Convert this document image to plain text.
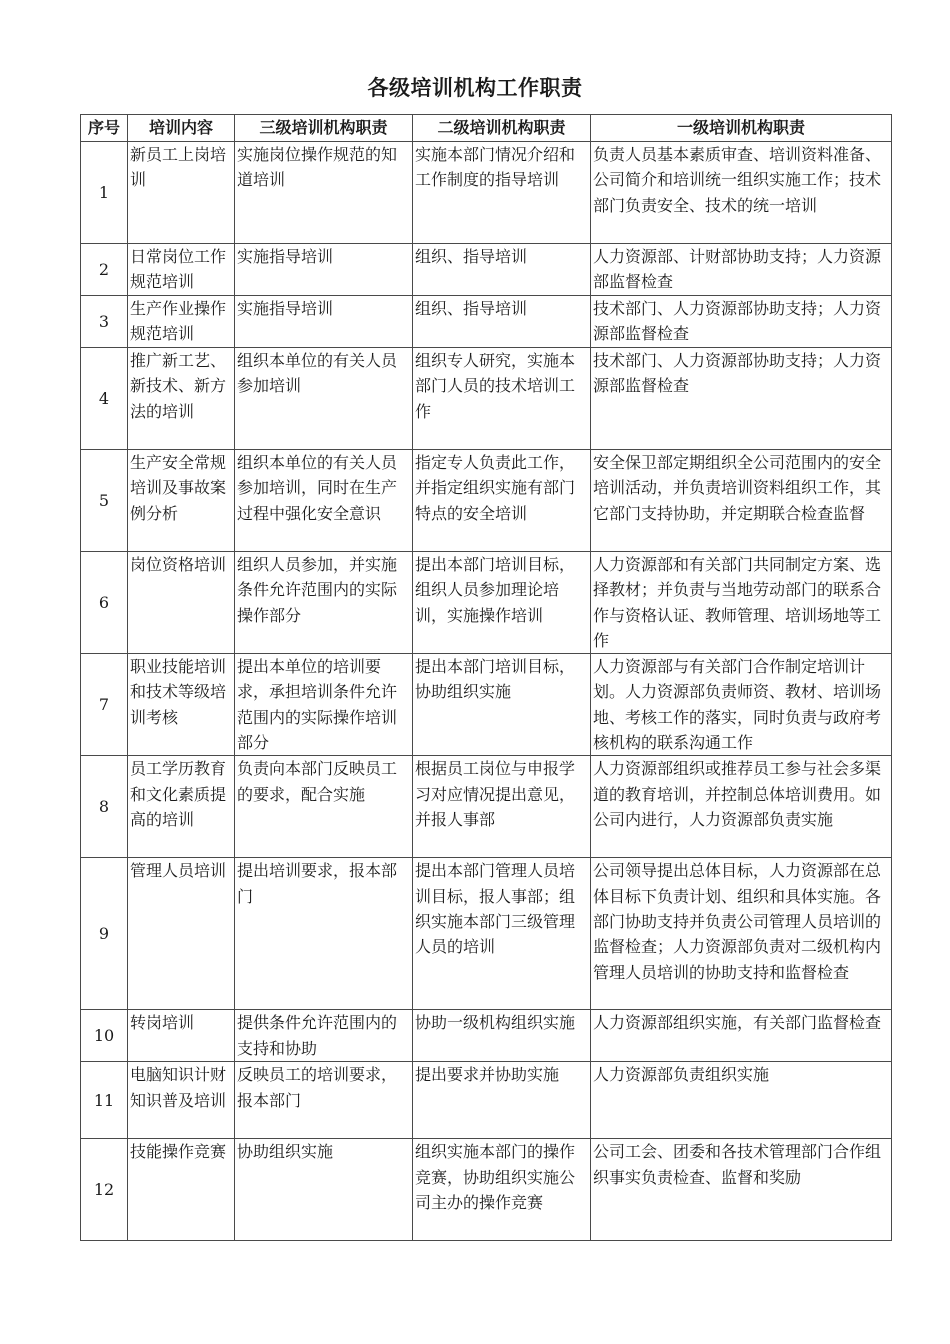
各级培训机构工作职责
序号	培训内容	三级培训机构职责	二级培训机构职责	一级培训机构职责
1	新员工上岗培训	实施岗位操作规范的知道培训	实施本部门情况介绍和工作制度的指导培训	负责人员基本素质审查、培训资料准备、公司简介和培训统一组织实施工作；技术部门负责安全、技术的统一培训
2	日常岗位工作规范培训	实施指导培训	组织、指导培训	人力资源部、计财部协助支持；人力资源部监督检查
3	生产作业操作规范培训	实施指导培训	组织、指导培训	技术部门、人力资源部协助支持；人力资源部监督检查
4	推广新工艺、新技术、新方法的培训	组织本单位的有关人员参加培训	组织专人研究，实施本部门人员的技术培训工作	技术部门、人力资源部协助支持；人力资源部监督检查
5	生产安全常规培训及事故案例分析	组织本单位的有关人员参加培训，同时在生产过程中强化安全意识	指定专人负责此工作，并指定组织实施有部门特点的安全培训	安全保卫部定期组织全公司范围内的安全培训活动，并负责培训资料组织工作，其它部门支持协助，并定期联合检查监督
6	岗位资格培训	组织人员参加，并实施条件允许范围内的实际操作部分	提出本部门培训目标，组织人员参加理论培训，实施操作培训	人力资源部和有关部门共同制定方案、选择教材；并负责与当地劳动部门的联系合作与资格认证、教师管理、培训场地等工作
7	职业技能培训和技术等级培训考核	提出本单位的培训要求，承担培训条件允许范围内的实际操作培训部分	提出本部门培训目标，协助组织实施	人力资源部与有关部门合作制定培训计划。人力资源部负责师资、教材、培训场地、考核工作的落实，同时负责与政府考核机构的联系沟通工作
8	员工学历教育和文化素质提高的培训	负责向本部门反映员工的要求，配合实施	根据员工岗位与申报学习对应情况提出意见，并报人事部	人力资源部组织或推荐员工参与社会多渠道的教育培训，并控制总体培训费用。如公司内进行，人力资源部负责实施
9	管理人员培训	提出培训要求，报本部门	提出本部门管理人员培训目标，报人事部；组织实施本部门三级管理人员的培训	公司领导提出总体目标，人力资源部在总体目标下负责计划、组织和具体实施。各部门协助支持并负责公司管理人员培训的监督检查；人力资源部负责对二级机构内管理人员培训的协助支持和监督检查
10	转岗培训	提供条件允许范围内的支持和协助	协助一级机构组织实施	人力资源部组织实施，有关部门监督检查
11	电脑知识计财知识普及培训	反映员工的培训要求，报本部门	提出要求并协助实施	人力资源部负责组织实施
12	技能操作竞赛	协助组织实施	组织实施本部门的操作竞赛，协助组织实施公司主办的操作竞赛	公司工会、团委和各技术管理部门合作组织事实负责检查、监督和奖励
